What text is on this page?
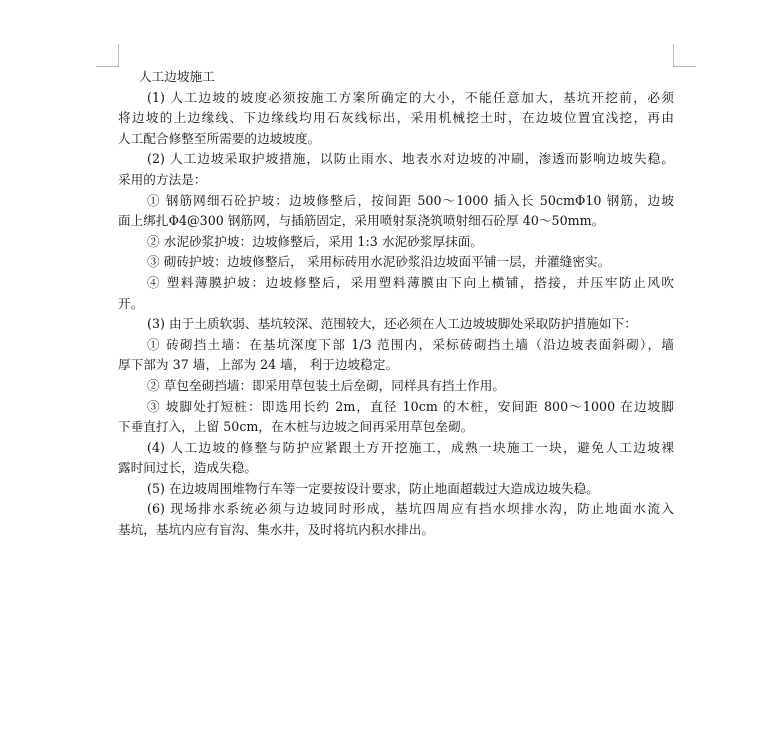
人工边坡施工
(1) 人工边坡的坡度必须按施工方案所确定的大小，不能任意加大，基坑开挖前，必须
将边坡的上边缘线、下边缘线均用石灰线标出，采用机械挖土时，在边坡位置宜浅挖，再由
人工配合修整至所需要的边坡坡度。
(2) 人工边坡采取护坡措施，以防止雨水、地表水对边坡的冲刷，渗透而影响边坡失稳。
采用的方法是：
① 钢筋网细石砼护坡：边坡修整后，按间距 500～1000 插入长 50cmΦ10 钢筋，边坡
面上绑扎Φ4@300 钢筋网，与插筋固定，采用喷射泵浇筑喷射细石砼厚 40～50mm。
② 水泥砂浆护坡：边坡修整后，采用 1:3 水泥砂浆厚抹面。
③ 砌砖护坡：边坡修整后， 采用标砖用水泥砂浆沿边坡面平铺一层，并灌缝密实。
④ 塑料薄膜护坡：边坡修整后，采用塑料薄膜由下向上横铺，搭接，并压牢防止风吹
开。
(3) 由于土质软弱、基坑较深、范围较大，还必须在人工边坡坡脚处采取防护措施如下：
① 砖砌挡土墙：在基坑深度下部 1/3 范围内，采标砖砌挡土墙（沿边坡表面斜砌），墙
厚下部为 37 墙，上部为 24 墙， 利于边坡稳定。
② 草包垒砌挡墙：即采用草包装土后垒砌，同样具有挡土作用。
③ 坡脚处打短桩：即选用长约 2m，直径 10cm 的木桩，安间距 800～1000 在边坡脚
下垂直打入，上留 50cm，在木桩与边坡之间再采用草包垒砌。
(4) 人工边坡的修整与防护应紧跟土方开挖施工，成熟一块施工一块，避免人工边坡裸
露时间过长，造成失稳。
(5) 在边坡周围堆物行车等一定要按设计要求，防止地面超载过大造成边坡失稳。
(6) 现场排水系统必须与边坡同时形成，基坑四周应有挡水坝排水沟，防止地面水流入
基坑，基坑内应有盲沟、集水井，及时将坑内积水排出。
